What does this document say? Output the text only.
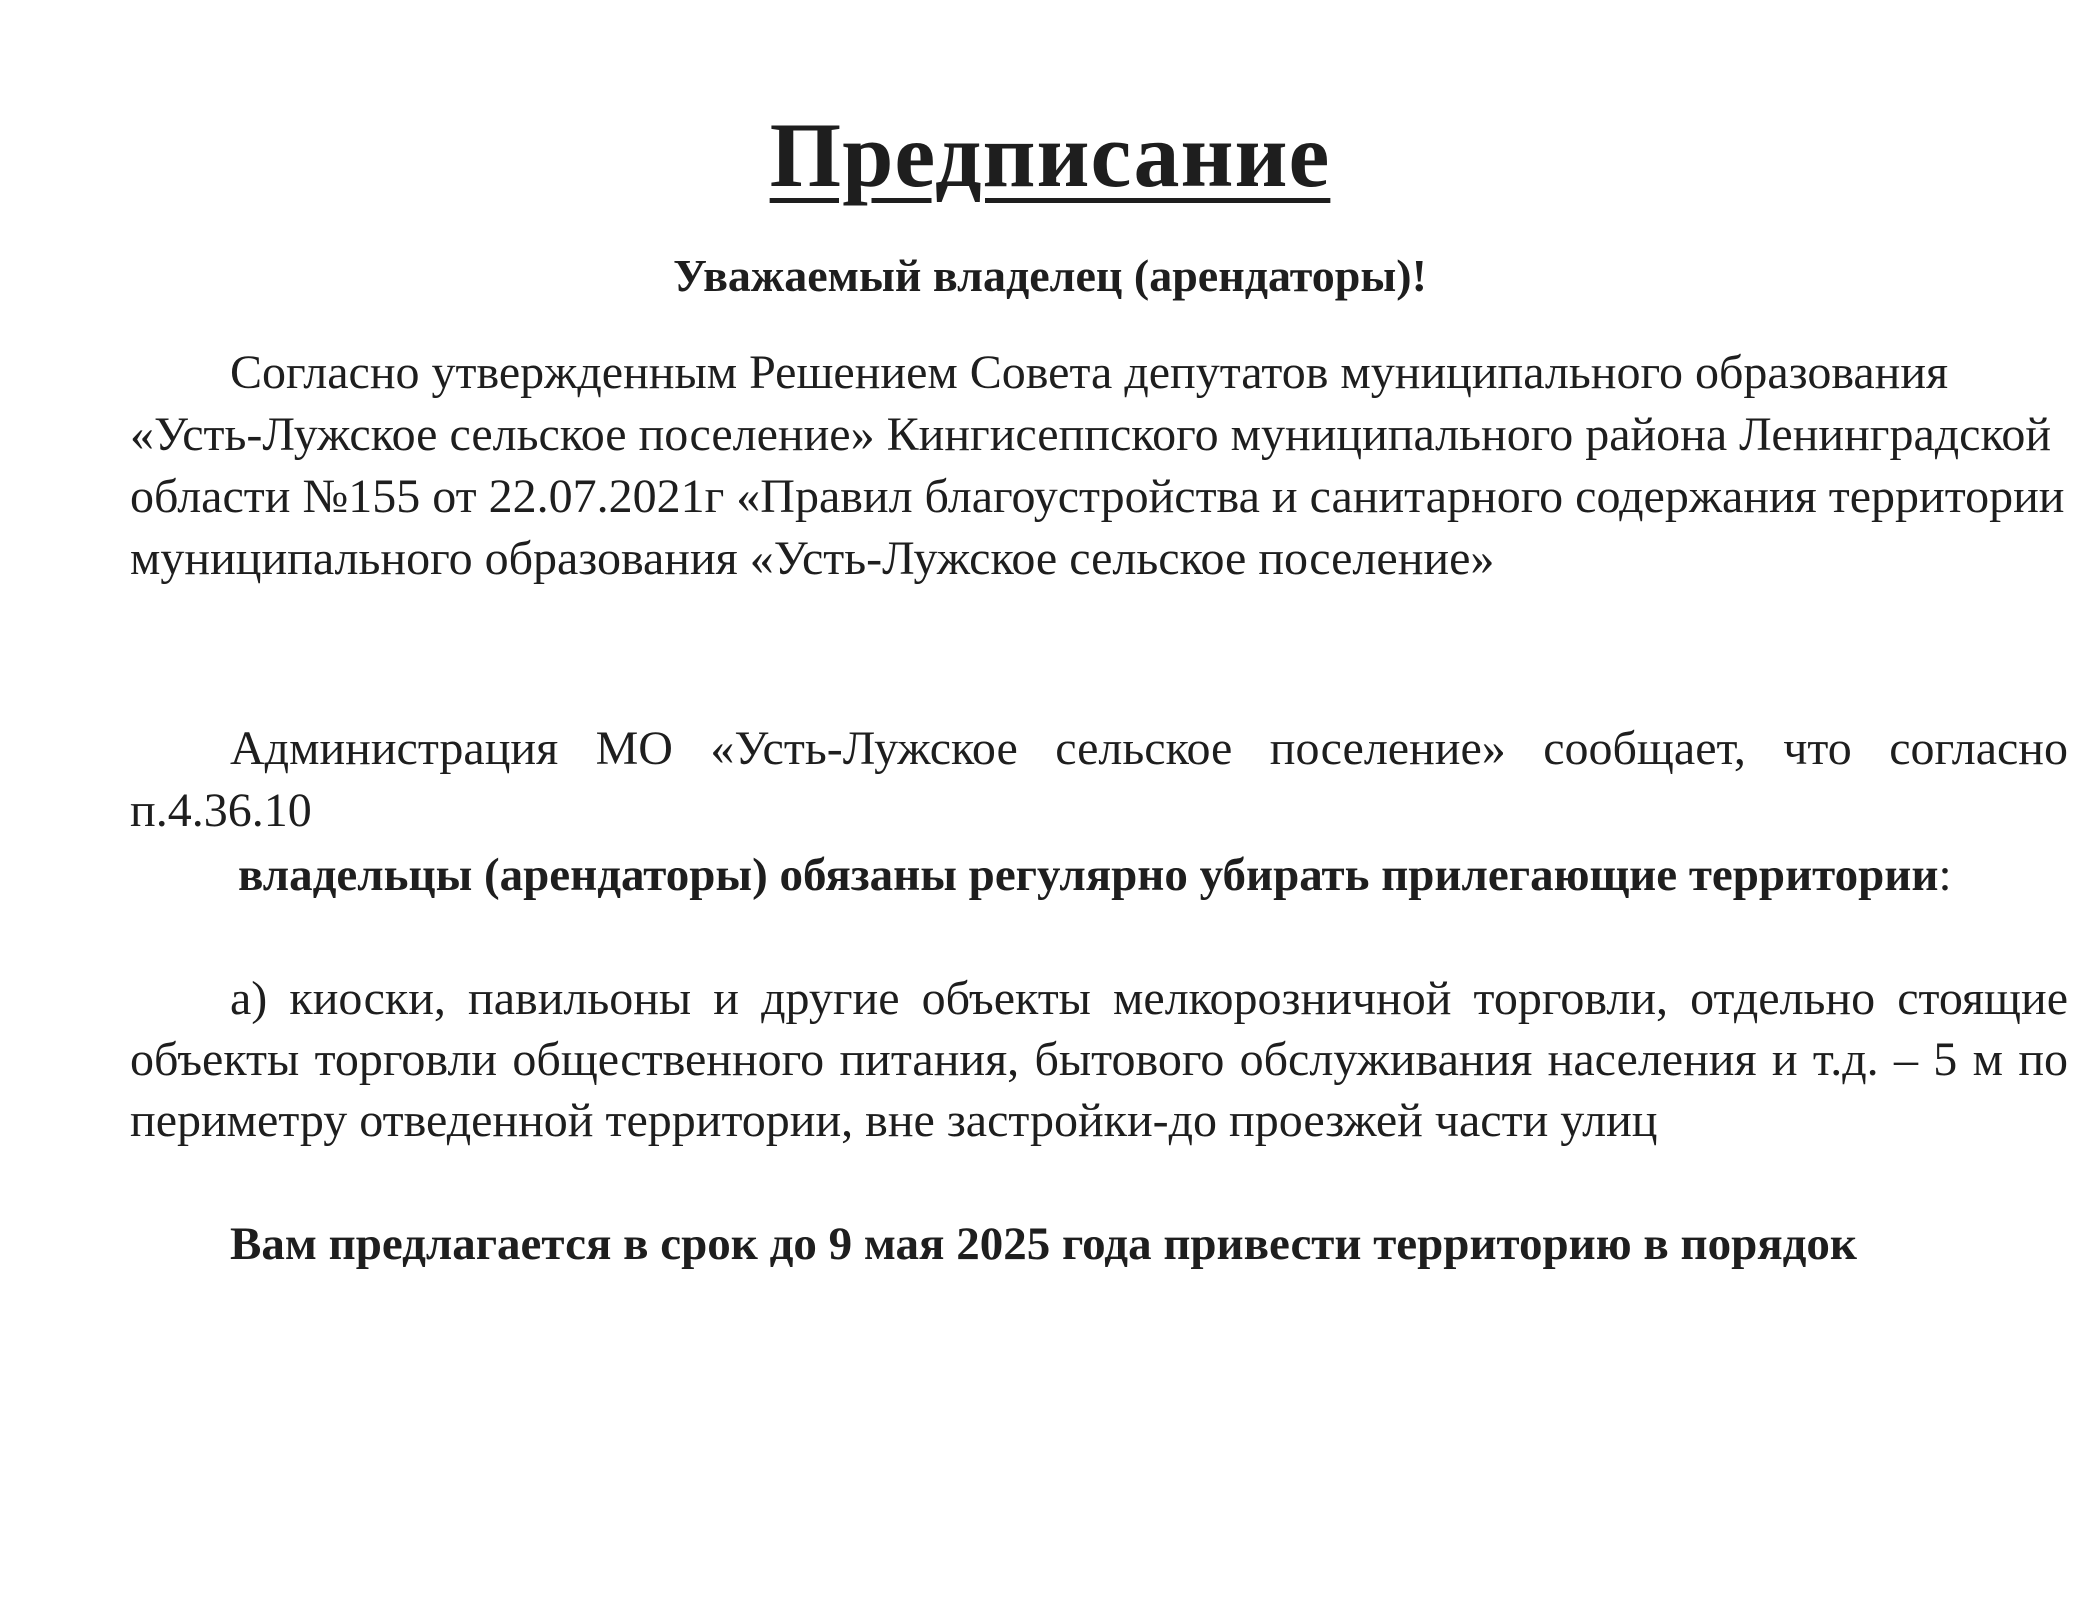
Предписание
Уважаемый владелец (арендаторы)!
Согласно утвержденным Решением Совета депутатов муниципального образования «Усть-Лужское сельское поселение» Кингисеппского муниципального района Ленинградской области №155 от 22.07.2021г «Правил благоустройства и санитарного содержания территории муниципального образования «Усть-Лужское сельское поселение»
Администрация МО «Усть-Лужское сельское поселение» сообщает, что согласно п.4.36.10
владельцы (арендаторы) обязаны регулярно убирать прилегающие территории:
а) киоски, павильоны и другие объекты мелкорозничной торговли, отдельно стоящие объекты торговли общественного питания, бытового обслуживания населения и т.д. – 5 м по периметру отведенной территории, вне застройки-до проезжей части улиц
Вам предлагается в срок до 9 мая 2025 года привести территорию в порядок
